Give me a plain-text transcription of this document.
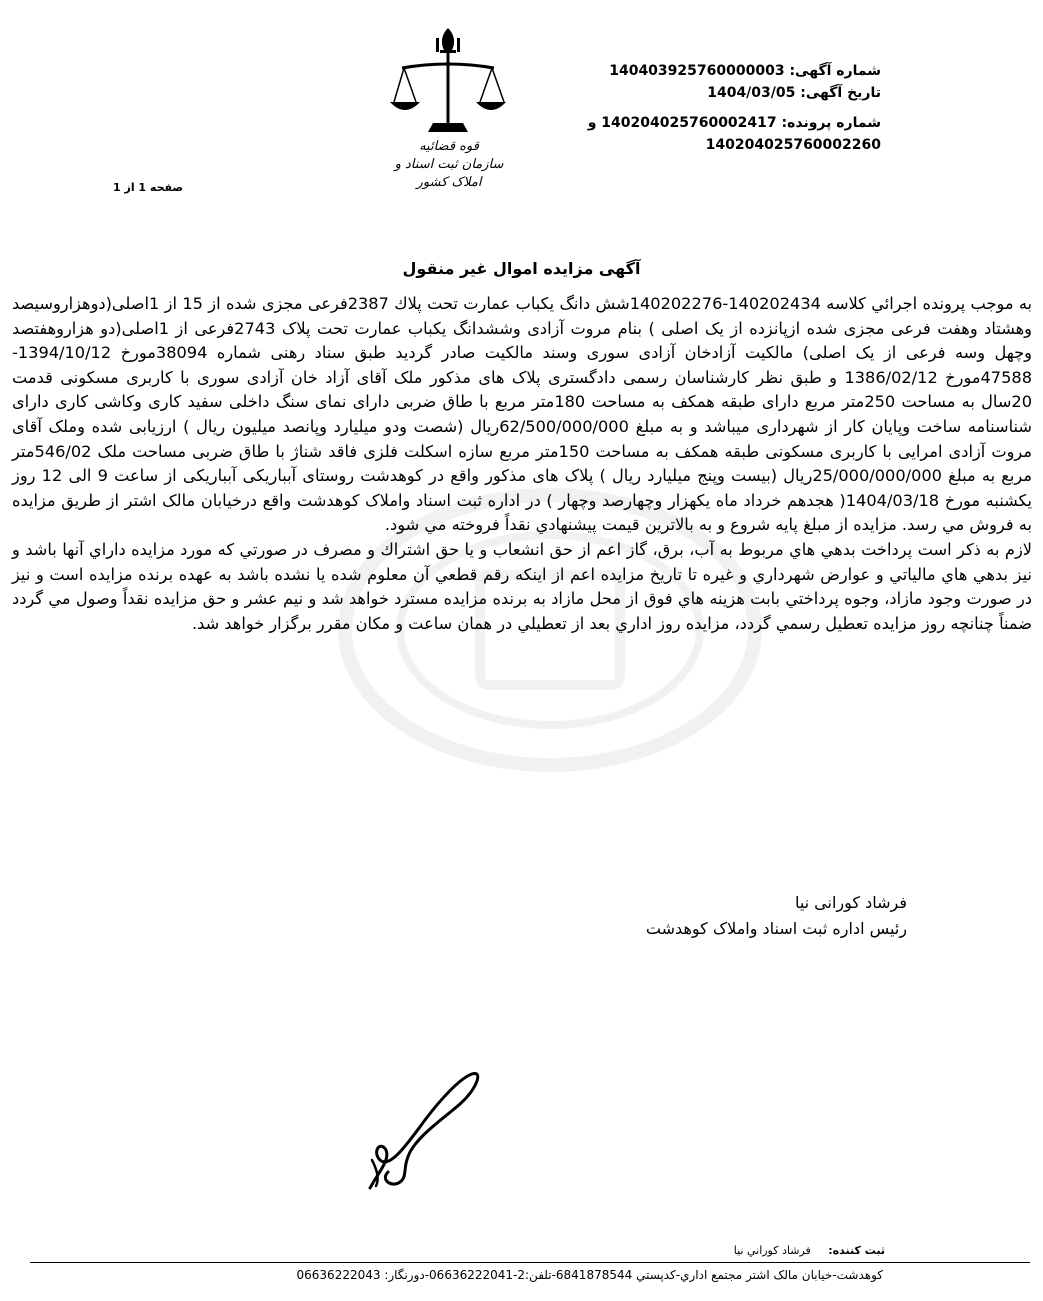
شماره آگهی: 140403925760000003
تاریخ آگهی: 1404/03/05
شماره پرونده: 140204025760002417 و
140204025760002260
قوه قضائیه
سازمان ثبت اسناد و املاک کشور
صفحه 1 از 1
آگهی مزایده اموال غیر منقول

به موجب پرونده اجرائي كلاسه 140202434-140202276شش دانگ یکباب عمارت تحت پلاك 2387فرعی مجزی شده از 15 از 1اصلی(دوهزاروسیصد وهشتاد وهفت فرعی مجزی شده ازپانزده از یک اصلی ) بنام مروت آزادی وششدانگ یکباب عمارت تحت پلاک 2743فرعی از 1اصلی(دو هزاروهفتصد وچهل وسه فرعی از یک اصلی) مالکیت آزادخان آزادی سوری وسند مالکیت صادر گردید طبق سناد رهنی شماره 38094مورخ 1394/10/12-47588مورخ 1386/02/12 و طبق نظر کارشناسان رسمی دادگستری پلاک های مذکور ملک آقای آزاد خان آزادی سوری با کاربری مسکونی قدمت 20سال به مساحت 250متر مربع دارای طبقه همکف به مساحت 180متر مربع با طاق ضربی دارای نمای سنگ داخلی سفید کاری وکاشی کاری دارای شناسنامه ساخت وپایان کار از شهرداری میباشد و به مبلغ 62/500/000/000ریال (شصت ودو میلیارد وپانصد میلیون ریال ) ارزیابی شده وملک آقای مروت آزادی امرایی با کاربری مسکونی طبقه همکف به مساحت 150متر مربع سازه اسکلت فلزی فاقد شناژ با طاق ضربی مساحت ملک 546/02متر مربع به مبلغ 25/000/000/000ریال (بیست وپنج میلیارد ریال ) پلاک های مذکور واقع در کوهدشت روستای آبباریکی آبباریکی از ساعت 9 الی 12 روز یکشنبه مورخ 1404/03/18( هجدهم خرداد ماه یکهزار وچهارصد وچهار ) در اداره ثبت اسناد واملاک کوهدشت واقع درخیابان مالک اشتر از طریق مزایده به فروش مي رسد. مزایده از مبلغ پایه شروع و به بالاترين قيمت پيشنهادي نقداً فروخته مي شود.

لازم به ذكر است پرداخت بدهي هاي مربوط به آب، برق، گاز اعم از حق انشعاب و يا حق اشتراك و مصرف در صورتي كه مورد مزايده داراي آنها باشد و نيز بدهي هاي مالياتي و عوارض شهرداري و غيره تا تاريخ مزايده اعم از اينكه رقم قطعي آن معلوم شده يا نشده باشد به عهده برنده مزايده است و نيز در صورت وجود مازاد، وجوه پرداختي بابت هزينه هاي فوق از محل مازاد به برنده مزايده مسترد خواهد شد و نيم عشر و حق مزايده نقداً وصول مي گردد ضمناً چنانچه روز مزايده تعطيل رسمي گردد، مزايده روز اداري بعد از تعطيلي در همان ساعت و مكان مقرر برگزار خواهد شد.

فرشاد کورانی نیا
رئیس اداره ثبت اسناد واملاک کوهدشت
ثبت کننده: فرشاد كوراني نيا
کوهدشت-خیابان مالک اشتر مجتمع اداري-کدپستي 6841878544-تلفن:2-06636222041-دورنگار: 06636222043
